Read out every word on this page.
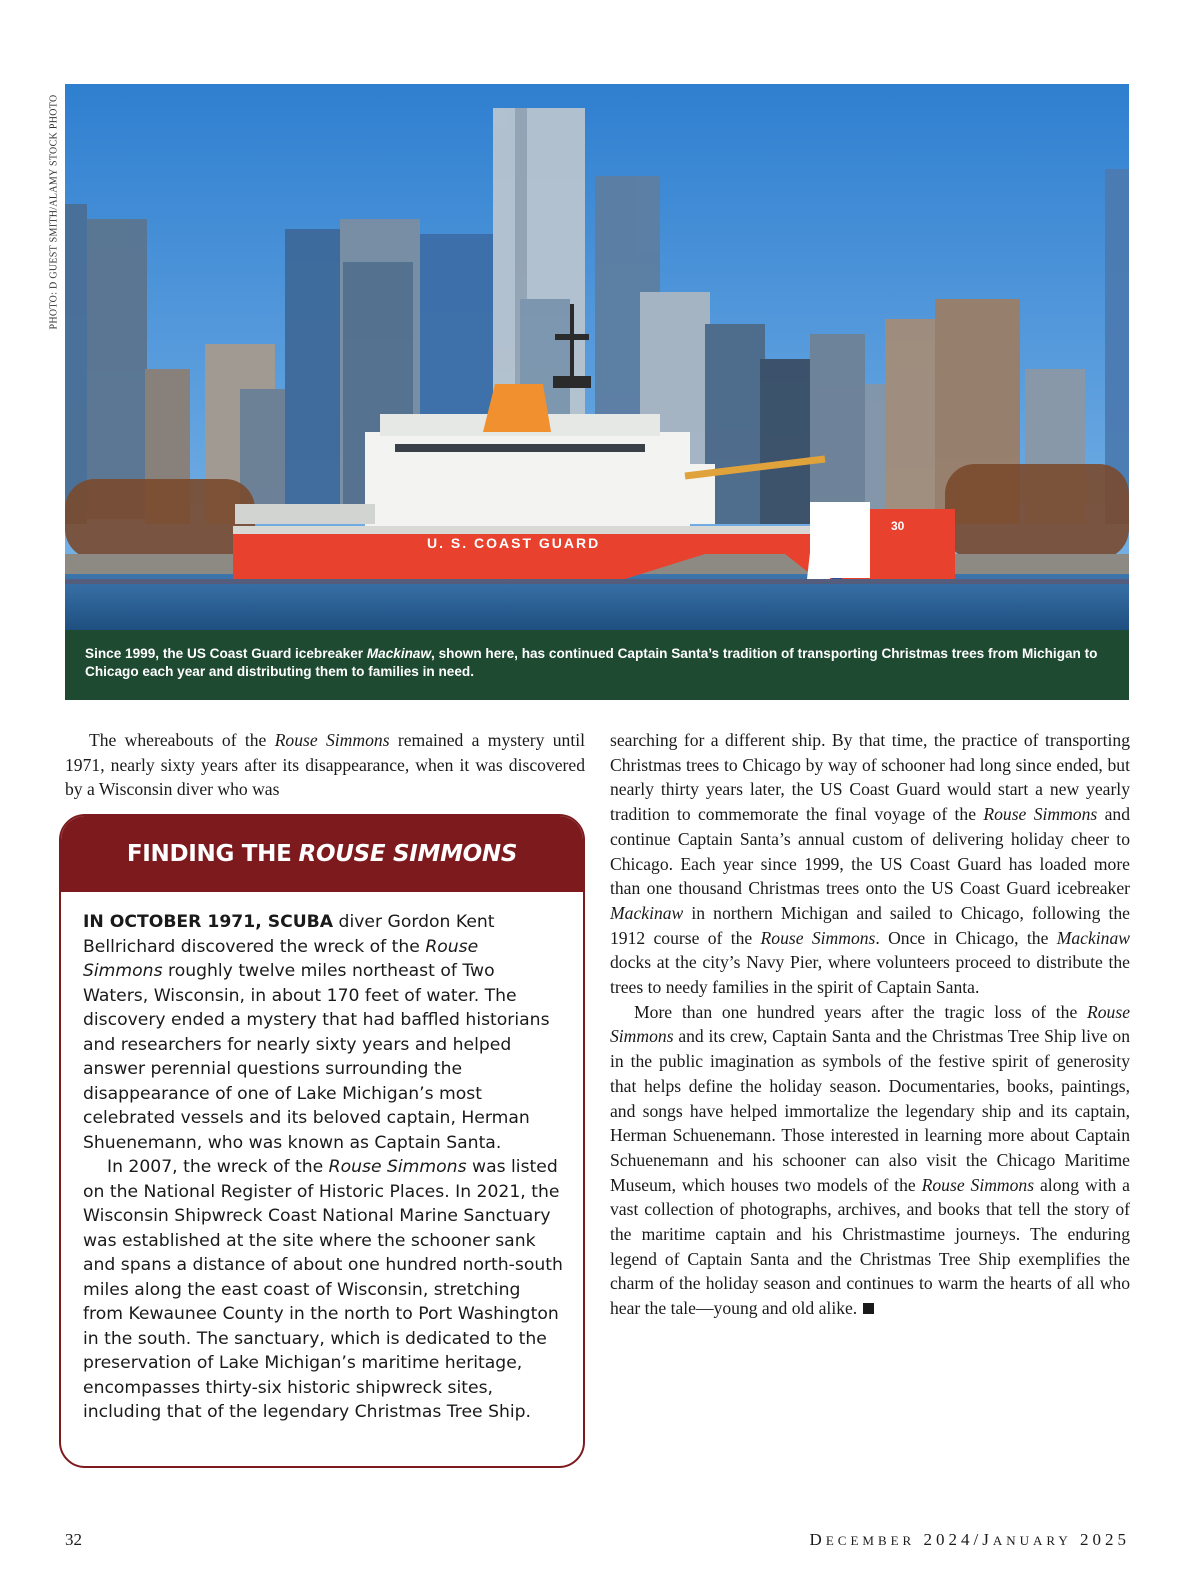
PHOTO: D GUEST SMITH/ALAMY STOCK PHOTO
U. S. COAST GUARD
30
Since 1999, the US Coast Guard icebreaker Mackinaw, shown here, has continued Captain Santa’s tradition of transporting Christmas trees from Michigan to Chicago each year and distributing them to families in need.
The whereabouts of the Rouse Simmons remained a mystery until 1971, nearly sixty years after its disappearance, when it was discovered by a Wisconsin diver who was
FINDING THE ROUSE SIMMONS

IN OCTOBER 1971, SCUBA diver Gordon Kent Bellrichard discovered the wreck of the Rouse Simmons roughly twelve miles northeast of Two Waters, Wisconsin, in about 170 feet of water. The discovery ended a mystery that had baffled historians and researchers for nearly sixty years and helped answer perennial questions surrounding the disappearance of one of Lake Michigan’s most celebrated vessels and its beloved captain, Herman Shuenemann, who was known as Captain Santa.

In 2007, the wreck of the Rouse Simmons was listed on the National Register of Historic Places. In 2021, the Wisconsin Shipwreck Coast National Marine Sanctuary was established at the site where the schooner sank and spans a distance of about one hundred north-south miles along the east coast of Wisconsin, stretching from Kewaunee County in the north to Port Washington in the south. The sanctuary, which is dedicated to the preservation of Lake Michigan’s maritime heritage, encompasses thirty-six historic shipwreck sites, including that of the legendary Christmas Tree Ship.

searching for a different ship. By that time, the practice of transporting Christmas trees to Chicago by way of schooner had long since ended, but nearly thirty years later, the US Coast Guard would start a new yearly tradition to commemorate the final voyage of the Rouse Simmons and continue Captain Santa’s annual custom of delivering holiday cheer to Chicago. Each year since 1999, the US Coast Guard has loaded more than one thousand Christmas trees onto the US Coast Guard icebreaker Mackinaw in northern Michigan and sailed to Chicago, following the 1912 course of the Rouse Simmons. Once in Chicago, the Mackinaw docks at the city’s Navy Pier, where volunteers proceed to distribute the trees to needy families in the spirit of Captain Santa.

More than one hundred years after the tragic loss of the Rouse Simmons and its crew, Captain Santa and the Christmas Tree Ship live on in the public imagination as symbols of the festive spirit of generosity that helps define the holiday season. Documentaries, books, paintings, and songs have helped immortalize the legendary ship and its captain, Herman Schuenemann. Those interested in learning more about Captain Schuenemann and his schooner can also visit the Chicago Maritime Museum, which houses two models of the Rouse Simmons along with a vast collection of photographs, archives, and books that tell the story of the maritime captain and his Christmastime journeys. The enduring legend of Captain Santa and the Christmas Tree Ship exemplifies the charm of the holiday season and continues to warm the hearts of all who hear the tale—young and old alike.

32	DECEMBER 2024/JANUARY 2025
